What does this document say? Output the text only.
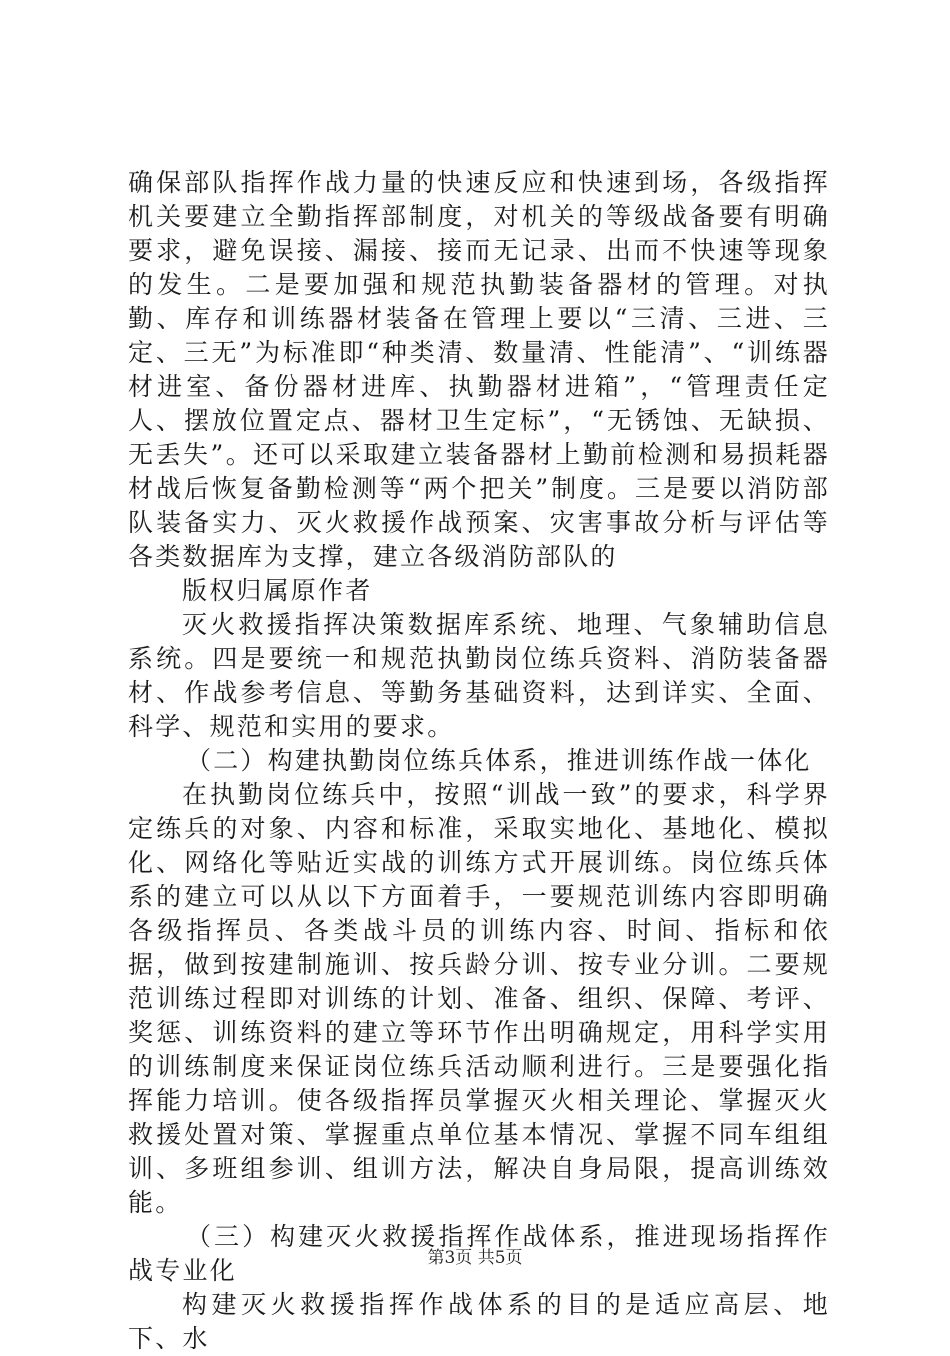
确保部队指挥作战力量的快速反应和快速到场，各级指挥机关要建立全勤指挥部制度，对机关的等级战备要有明确要求，避免误接、漏接、接而无记录、出而不快速等现象的发生。二是要加强和规范执勤装备器材的管理。对执勤、库存和训练器材装备在管理上要以“三清、三进、三定、三无”为标准即“种类清、数量清、性能清”、“训练器材进室、备份器材进库、执勤器材进箱”，“管理责任定人、摆放位置定点、器材卫生定标”，“无锈蚀、无缺损、无丢失”。还可以采取建立装备器材上勤前检测和易损耗器材战后恢复备勤检测等“两个把关”制度。三是要以消防部队装备实力、灭火救援作战预案、灾害事故分析与评估等各类数据库为支撑，建立各级消防部队的

版权归属原作者

灭火救援指挥决策数据库系统、地理、气象辅助信息系统。四是要统一和规范执勤岗位练兵资料、消防装备器材、作战参考信息、等勤务基础资料，达到详实、全面、科学、规范和实用的要求。

（二）构建执勤岗位练兵体系，推进训练作战一体化

在执勤岗位练兵中，按照“训战一致”的要求，科学界定练兵的对象、内容和标准，采取实地化、基地化、模拟化、网络化等贴近实战的训练方式开展训练。岗位练兵体系的建立可以从以下方面着手，一要规范训练内容即明确各级指挥员、各类战斗员的训练内容、时间、指标和依据，做到按建制施训、按兵龄分训、按专业分训。二要规范训练过程即对训练的计划、准备、组织、保障、考评、奖惩、训练资料的建立等环节作出明确规定，用科学实用的训练制度来保证岗位练兵活动顺利进行。三是要强化指挥能力培训。使各级指挥员掌握灭火相关理论、掌握灭火救援处置对策、掌握重点单位基本情况、掌握不同车组组训、多班组参训、组训方法，解决自身局限，提高训练效能。

（三）构建灭火救援指挥作战体系，推进现场指挥作战专业化

构建灭火救援指挥作战体系的目的是适应高层、地下、水

第3页 共5页
